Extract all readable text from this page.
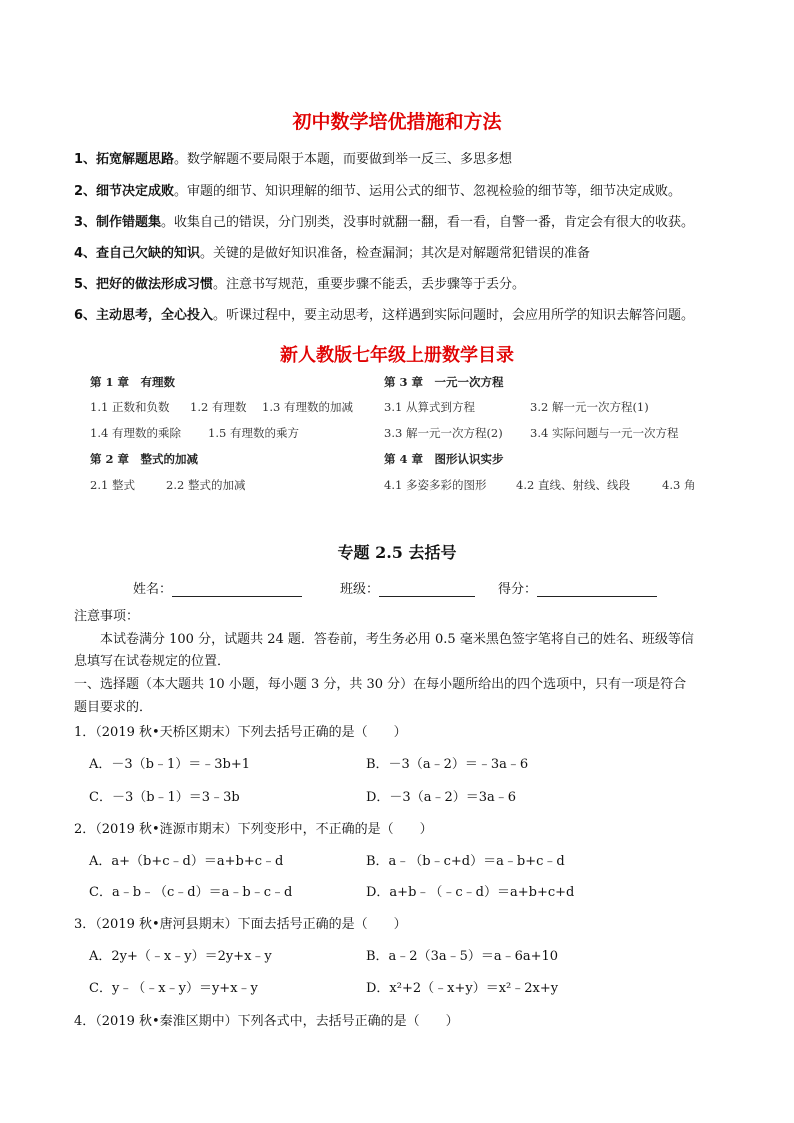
初中数学培优措施和方法
1、拓宽解题思路。数学解题不要局限于本题，而要做到举一反三、多思多想
2、细节决定成败。审题的细节、知识理解的细节、运用公式的细节、忽视检验的细节等，细节决定成败。
3、制作错题集。收集自己的错误，分门别类，没事时就翻一翻，看一看，自警一番，肯定会有很大的收获。
4、查自己欠缺的知识。关键的是做好知识准备，检查漏洞；其次是对解题常犯错误的准备
5、把好的做法形成习惯。注意书写规范，重要步骤不能丢，丢步骤等于丢分。
6、主动思考，全心投入。听课过程中，要主动思考，这样遇到实际问题时，会应用所学的知识去解答问题。
新人教版七年级上册数学目录
第 1 章　有理数
1.1 正数和负数 1.2 有理数 1.3 有理数的加减
1.4 有理数的乘除 1.5 有理数的乘方
第 2 章　整式的加减
2.1 整式	2.2 整式的加减
第 3 章　一元一次方程
3.1 从算式到方程	3.2 解一元一次方程(1)
3.3 解一元一次方程(2) 3.4 实际问题与一元一次方程
第 4 章　图形认识实步
4.1 多姿多彩的图形	4.2 直线、射线、线段	4.3 角
专题 2.5 去括号
姓名：	班级：	得分：
注意事项：
本试卷满分 100 分，试题共 24 题．答卷前，考生务必用 0.5 毫米黑色签字笔将自己的姓名、班级等信
息填写在试卷规定的位置．
一、选择题（本大题共 10 小题，每小题 3 分，共 30 分）在每小题所给出的四个选项中，只有一项是符合
题目要求的．
1．（2019 秋•天桥区期末）下列去括号正确的是（　　）
A．－3（b﹣1）＝﹣3b+1	B．－3（a﹣2）＝﹣3a﹣6
C．－3（b﹣1）＝3﹣3b	D．－3（a﹣2）＝3a﹣6
2．（2019 秋•涟源市期末）下列变形中，不正确的是（　　）
A．a+（b+c﹣d）＝a+b+c﹣d	B．a﹣（b﹣c+d）＝a﹣b+c﹣d
C．a﹣b﹣（c﹣d）＝a﹣b﹣c﹣d	D．a+b﹣（﹣c﹣d）＝a+b+c+d
3．（2019 秋•唐河县期末）下面去括号正确的是（　　）
A．2y+（﹣x﹣y）＝2y+x﹣y	B．a﹣2（3a﹣5）＝a﹣6a+10
C．y﹣（﹣x﹣y）＝y+x﹣y	D．x²+2（﹣x+y）＝x²﹣2x+y
4．（2019 秋•秦淮区期中）下列各式中，去括号正确的是（　　）
